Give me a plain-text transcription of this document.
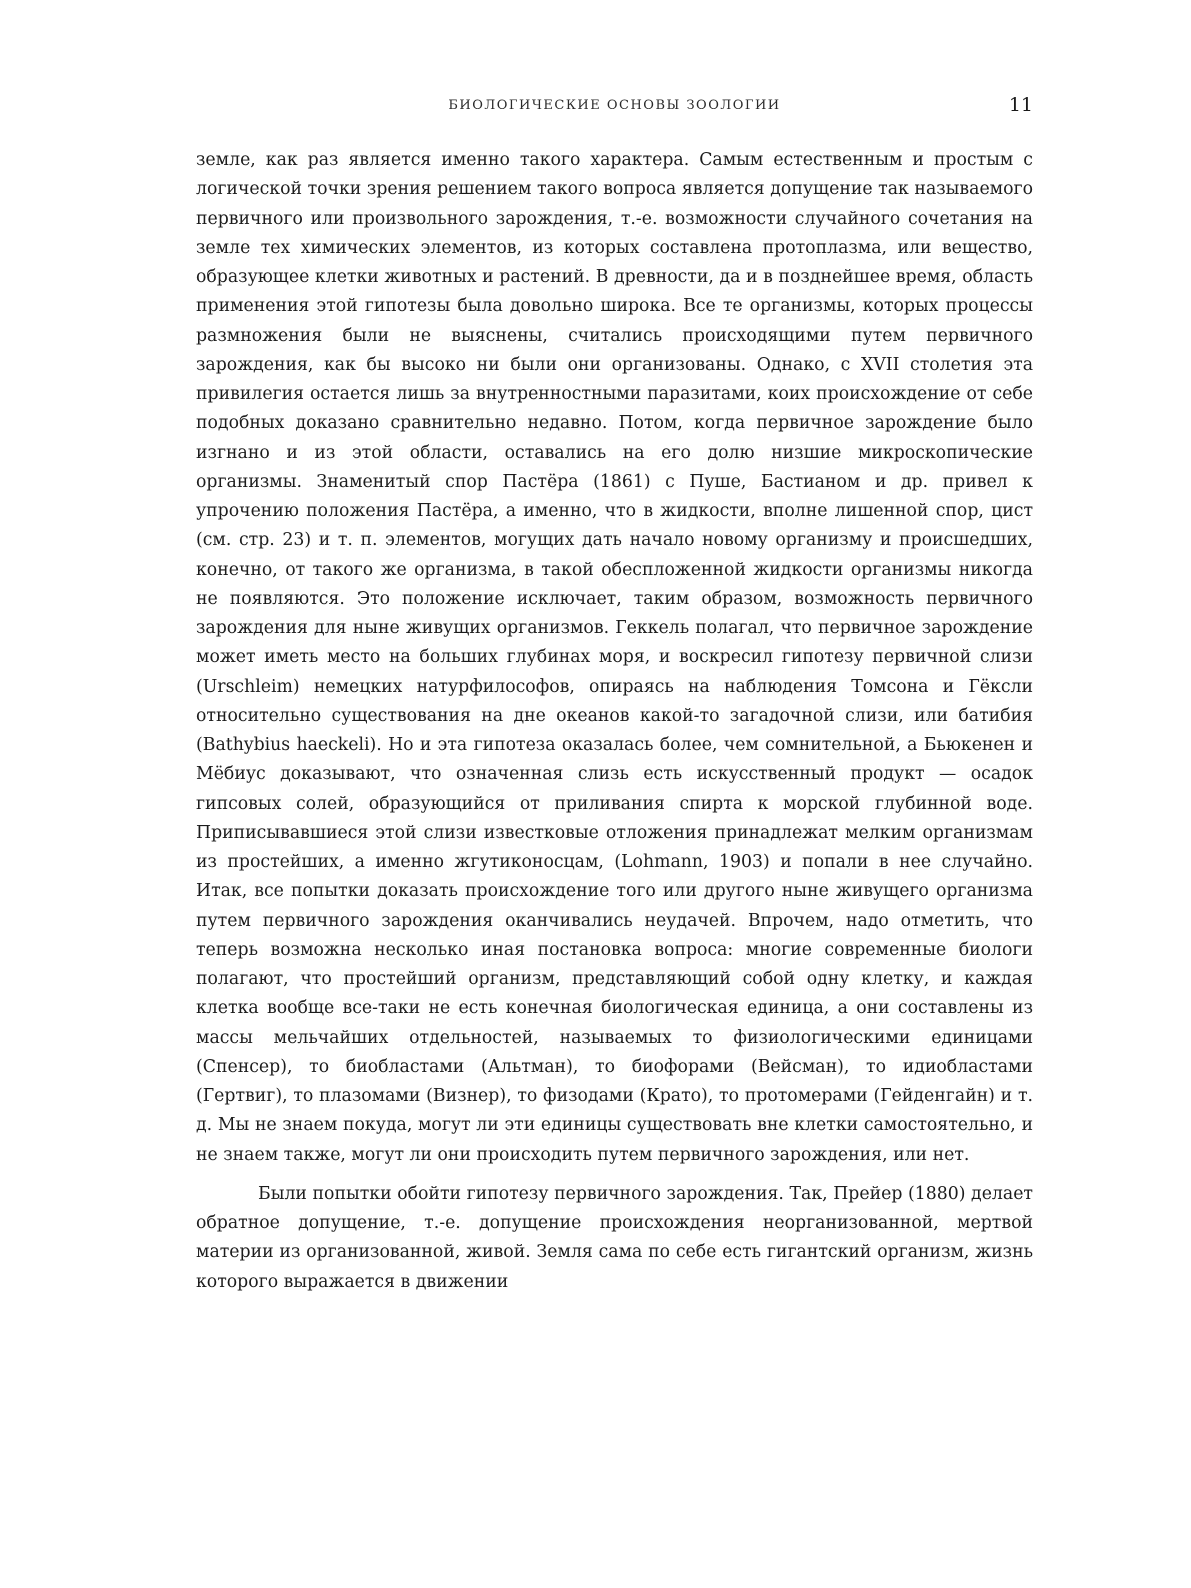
БИОЛОГИЧЕСКИЕ ОСНОВЫ ЗООЛОГИИ	11

земле, как раз является именно такого характера. Самым естественным и простым с логической точки зрения решением такого вопроса является допущение так называемого первичного или произвольного зарождения, т.-е. возможности случайного сочетания на земле тех химических элементов, из которых составлена протоплазма, или вещество, образующее клетки животных и растений. В древности, да и в позднейшее время, область применения этой гипотезы была довольно широка. Все те организмы, которых процессы размножения были не выяснены, считались происходящими путем первичного зарождения, как бы высоко ни были они организованы. Однако, с XVII столетия эта привилегия остается лишь за внутренностными паразитами, коих происхождение от себе подобных доказано сравнительно недавно. Потом, когда первичное зарождение было изгнано и из этой области, оставались на его долю низшие микроскопические организмы. Знаменитый спор Пастёра (1861) с Пуше, Бастианом и др. привел к упрочению положения Пастёра, а именно, что в жидкости, вполне лишенной спор, цист (см. стр. 23) и т. п. элементов, могущих дать начало новому организму и происшедших, конечно, от такого же организма, в такой обеспложенной жидкости организмы никогда не появляются. Это положение исключает, таким образом, возможность первичного зарождения для ныне живущих организмов. Геккель полагал, что первичное зарождение может иметь место на больших глубинах моря, и воскресил гипотезу первичной слизи (Urschleim) немецких натурфилософов, опираясь на наблюдения Томсона и Гёксли относительно существования на дне океанов какой-то загадочной слизи, или батибия (Bathybius haeckeli). Но и эта гипотеза оказалась более, чем сомнительной, а Бьюкенен и Мёбиус доказывают, что означенная слизь есть искусственный продукт — осадок гипсовых солей, образующийся от приливания спирта к морской глубинной воде. Приписывавшиеся этой слизи известковые отложения принадлежат мелким организмам из простейших, а именно жгутиконосцам, (Lohmann, 1903) и попали в нее случайно. Итак, все попытки доказать происхождение того или другого ныне живущего организма путем первичного зарождения оканчивались неудачей. Впрочем, надо отметить, что теперь возможна несколько иная постановка вопроса: многие современные биологи полагают, что простейший организм, представляющий собой одну клетку, и каждая клетка вообще все-таки не есть конечная биологическая единица, а они составлены из массы мельчайших отдельностей, называемых то физиологическими единицами (Спенсер), то биобластами (Альтман), то биофорами (Вейсман), то идиобластами (Гертвиг), то плазомами (Визнер), то физодами (Крато), то протомерами (Гейденгайн) и т. д. Мы не знаем покуда, могут ли эти единицы существовать вне клетки самостоятельно, и не знаем также, могут ли они происходить путем первичного зарождения, или нет.

Были попытки обойти гипотезу первичного зарождения. Так, Прейер (1880) делает обратное допущение, т.-е. допущение происхождения неорганизованной, мертвой материи из организованной, живой. Земля сама по себе есть гигантский организм, жизнь которого выражается в движении
